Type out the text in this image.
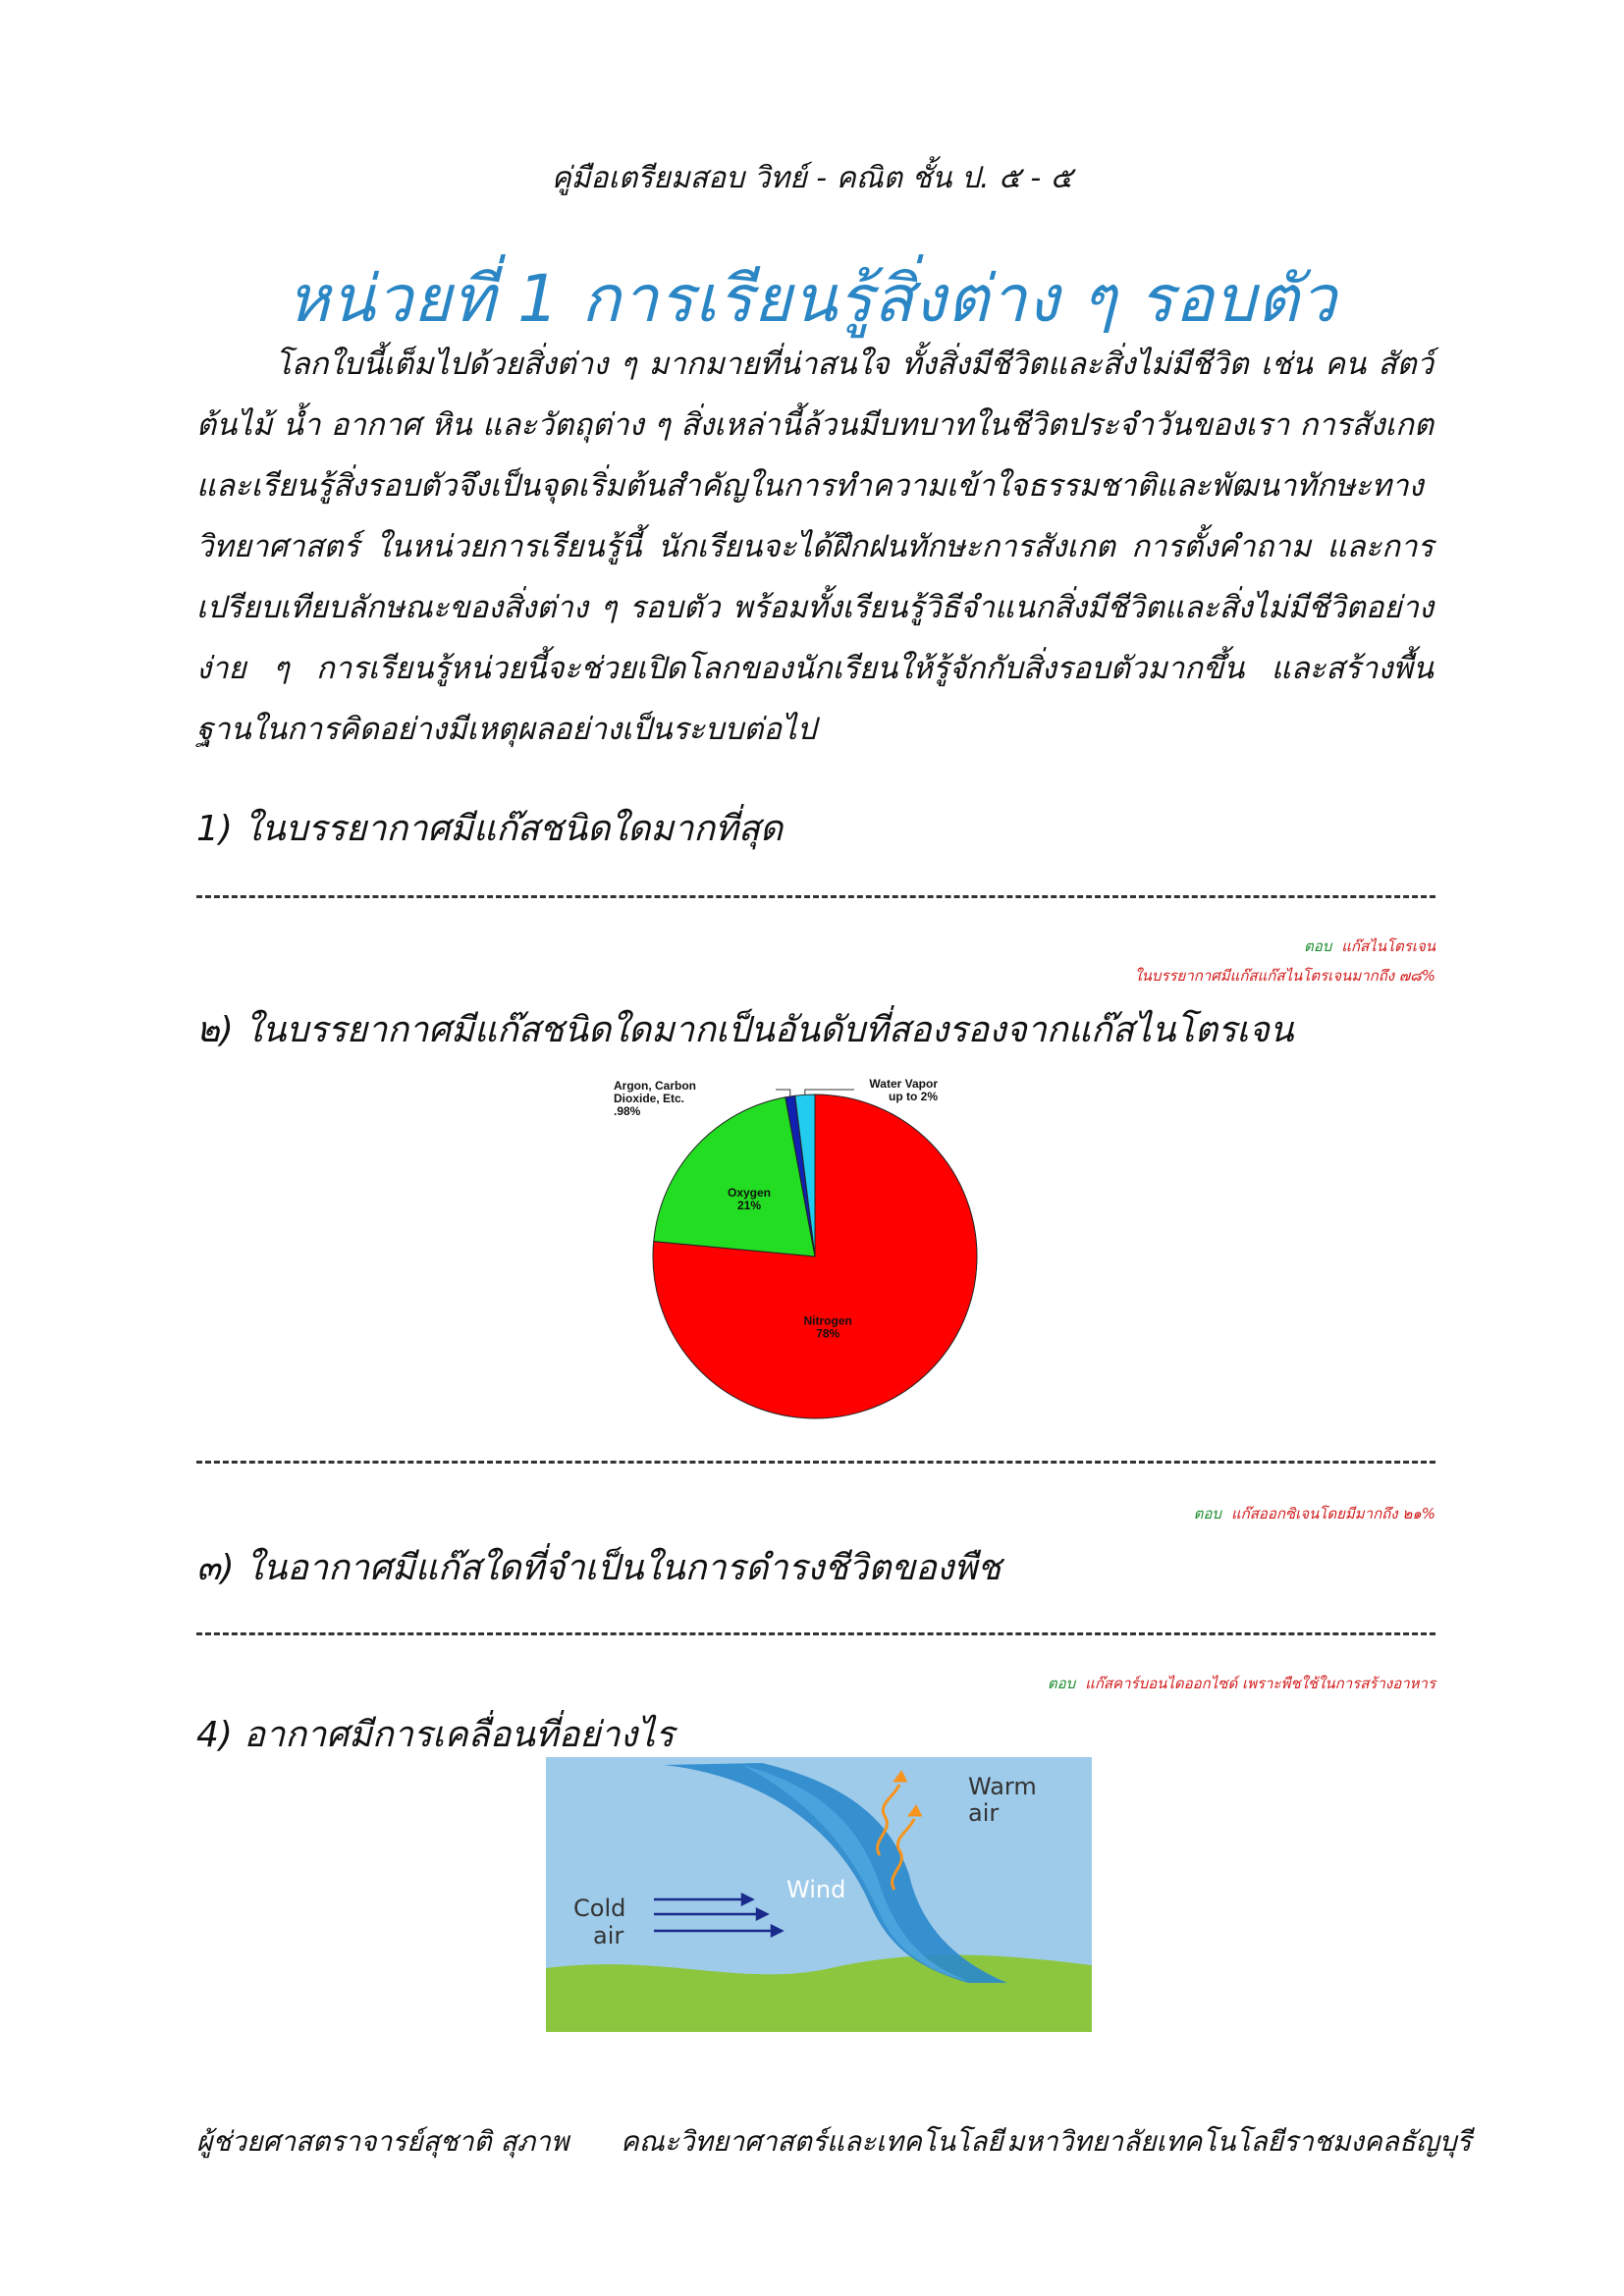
คู่มือเตรียมสอบ วิทย์ - คณิต ชั้น ป. ๕ - ๕
หน่วยที่ 1 การเรียนรู้สิ่งต่าง ๆ รอบตัว

โลกใบนี้เต็มไปด้วยสิ่งต่าง ๆ มากมายที่น่าสนใจ ทั้งสิ่งมีชีวิตและสิ่งไม่มีชีวิต เช่น คน สัตว์ ต้นไม้ น้ำ อากาศ หิน และวัตถุต่าง ๆ สิ่งเหล่านี้ล้วนมีบทบาทในชีวิตประจำวันของเรา การสังเกตและเรียนรู้สิ่งรอบตัวจึงเป็นจุดเริ่มต้นสำคัญในการทำความเข้าใจธรรมชาติและพัฒนาทักษะทางวิทยาศาสตร์ ในหน่วยการเรียนรู้นี้ นักเรียนจะได้ฝึกฝนทักษะการสังเกต การตั้งคำถาม และการเปรียบเทียบลักษณะของสิ่งต่าง ๆ รอบตัว พร้อมทั้งเรียนรู้วิธีจำแนกสิ่งมีชีวิตและสิ่งไม่มีชีวิตอย่างง่าย ๆ การเรียนรู้หน่วยนี้จะช่วยเปิดโลกของนักเรียนให้รู้จักกับสิ่งรอบตัวมากขึ้น และสร้างพื้นฐานในการคิดอย่างมีเหตุผลอย่างเป็นระบบต่อไป

1) ในบรรยากาศมีแก๊สชนิดใดมากที่สุด
ตอบ แก๊สไนโตรเจน
ในบรรยากาศมีแก๊สแก๊สไนโตรเจนมากถึง ๗๘%
๒) ในบรรยากาศมีแก๊สชนิดใดมากเป็นอันดับที่สองรองจากแก๊สไนโตรเจน
Nitrogen
78%
Oxygen
21%
Argon, Carbon
Dioxide, Etc.
.98%
Water Vapor
up to 2%
ตอบ แก๊สออกซิเจนโดยมีมากถึง ๒๑%
๓) ในอากาศมีแก๊สใดที่จำเป็นในการดำรงชีวิตของพืช
ตอบ แก๊สคาร์บอนไดออกไซด์ เพราะพืชใช้ในการสร้างอาหาร
4) อากาศมีการเคลื่อนที่อย่างไร
Cold
air
Wind
Warm
air
ผู้ช่วยศาสตราจารย์สุชาติ สุภาพ คณะวิทยาศาสตร์และเทคโนโลยี มหาวิทยาลัยเทคโนโลยีราชมงคลธัญบุรี
